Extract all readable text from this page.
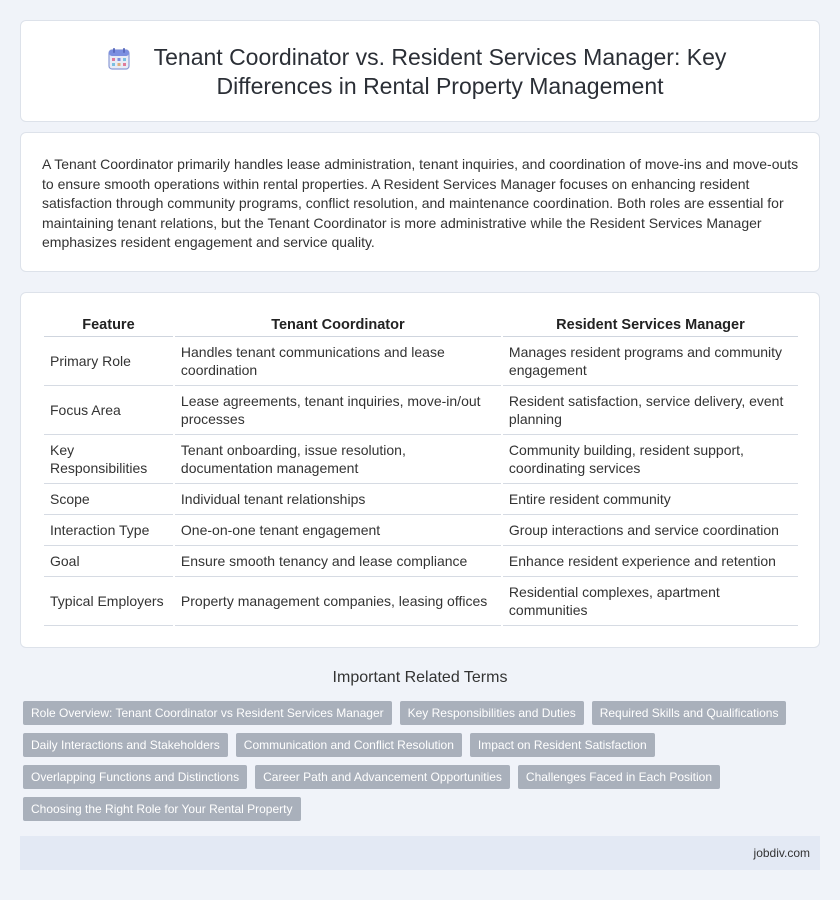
Tenant Coordinator vs. Resident Services Manager: Key Differences in Rental Property Management

A Tenant Coordinator primarily handles lease administration, tenant inquiries, and coordination of move-ins and move-outs to ensure smooth operations within rental properties. A Resident Services Manager focuses on enhancing resident satisfaction through community programs, conflict resolution, and maintenance coordination. Both roles are essential for maintaining tenant relations, but the Tenant Coordinator is more administrative while the Resident Services Manager emphasizes resident engagement and service quality.

Feature	Tenant Coordinator	Resident Services Manager
Primary Role	Handles tenant communications and lease coordination	Manages resident programs and community engagement
Focus Area	Lease agreements, tenant inquiries, move-in/out processes	Resident satisfaction, service delivery, event planning
Key Responsibilities	Tenant onboarding, issue resolution, documentation management	Community building, resident support, coordinating services
Scope	Individual tenant relationships	Entire resident community
Interaction Type	One-on-one tenant engagement	Group interactions and service coordination
Goal	Ensure smooth tenancy and lease compliance	Enhance resident experience and retention
Typical Employers	Property management companies, leasing offices	Residential complexes, apartment communities
Important Related Terms
Role Overview: Tenant Coordinator vs Resident Services Manager	Key Responsibilities and Duties	Required Skills and Qualifications
Daily Interactions and Stakeholders	Communication and Conflict Resolution	Impact on Resident Satisfaction
Overlapping Functions and Distinctions	Career Path and Advancement Opportunities	Challenges Faced in Each Position
Choosing the Right Role for Your Rental Property
jobdiv.com
